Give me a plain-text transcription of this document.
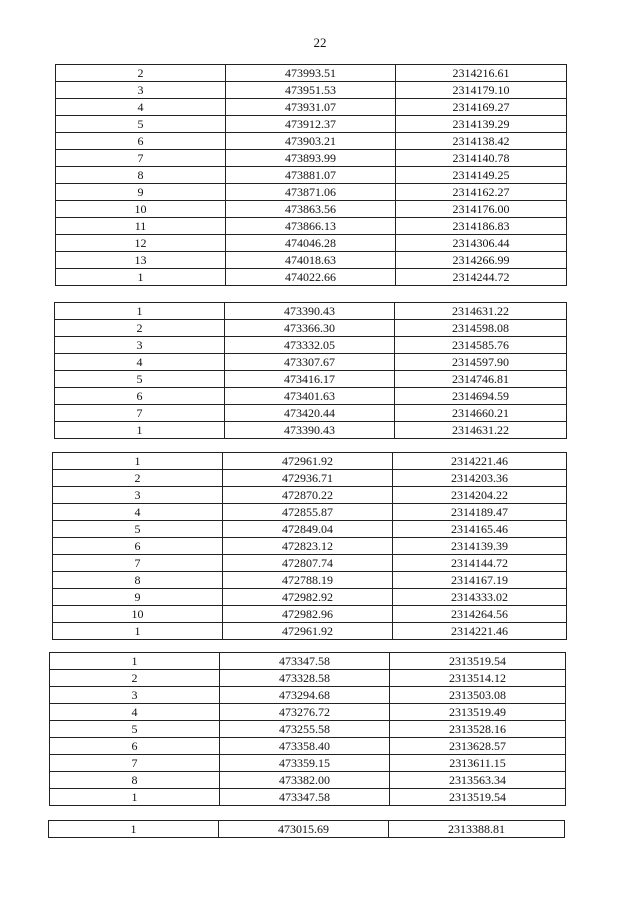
22
2	473993.51	2314216.61
3	473951.53	2314179.10
4	473931.07	2314169.27
5	473912.37	2314139.29
6	473903.21	2314138.42
7	473893.99	2314140.78
8	473881.07	2314149.25
9	473871.06	2314162.27
10	473863.56	2314176.00
11	473866.13	2314186.83
12	474046.28	2314306.44
13	474018.63	2314266.99
1	474022.66	2314244.72
1	473390.43	2314631.22
2	473366.30	2314598.08
3	473332.05	2314585.76
4	473307.67	2314597.90
5	473416.17	2314746.81
6	473401.63	2314694.59
7	473420.44	2314660.21
1	473390.43	2314631.22
1	472961.92	2314221.46
2	472936.71	2314203.36
3	472870.22	2314204.22
4	472855.87	2314189.47
5	472849.04	2314165.46
6	472823.12	2314139.39
7	472807.74	2314144.72
8	472788.19	2314167.19
9	472982.92	2314333.02
10	472982.96	2314264.56
1	472961.92	2314221.46
1	473347.58	2313519.54
2	473328.58	2313514.12
3	473294.68	2313503.08
4	473276.72	2313519.49
5	473255.58	2313528.16
6	473358.40	2313628.57
7	473359.15	2313611.15
8	473382.00	2313563.34
1	473347.58	2313519.54
1	473015.69	2313388.81
